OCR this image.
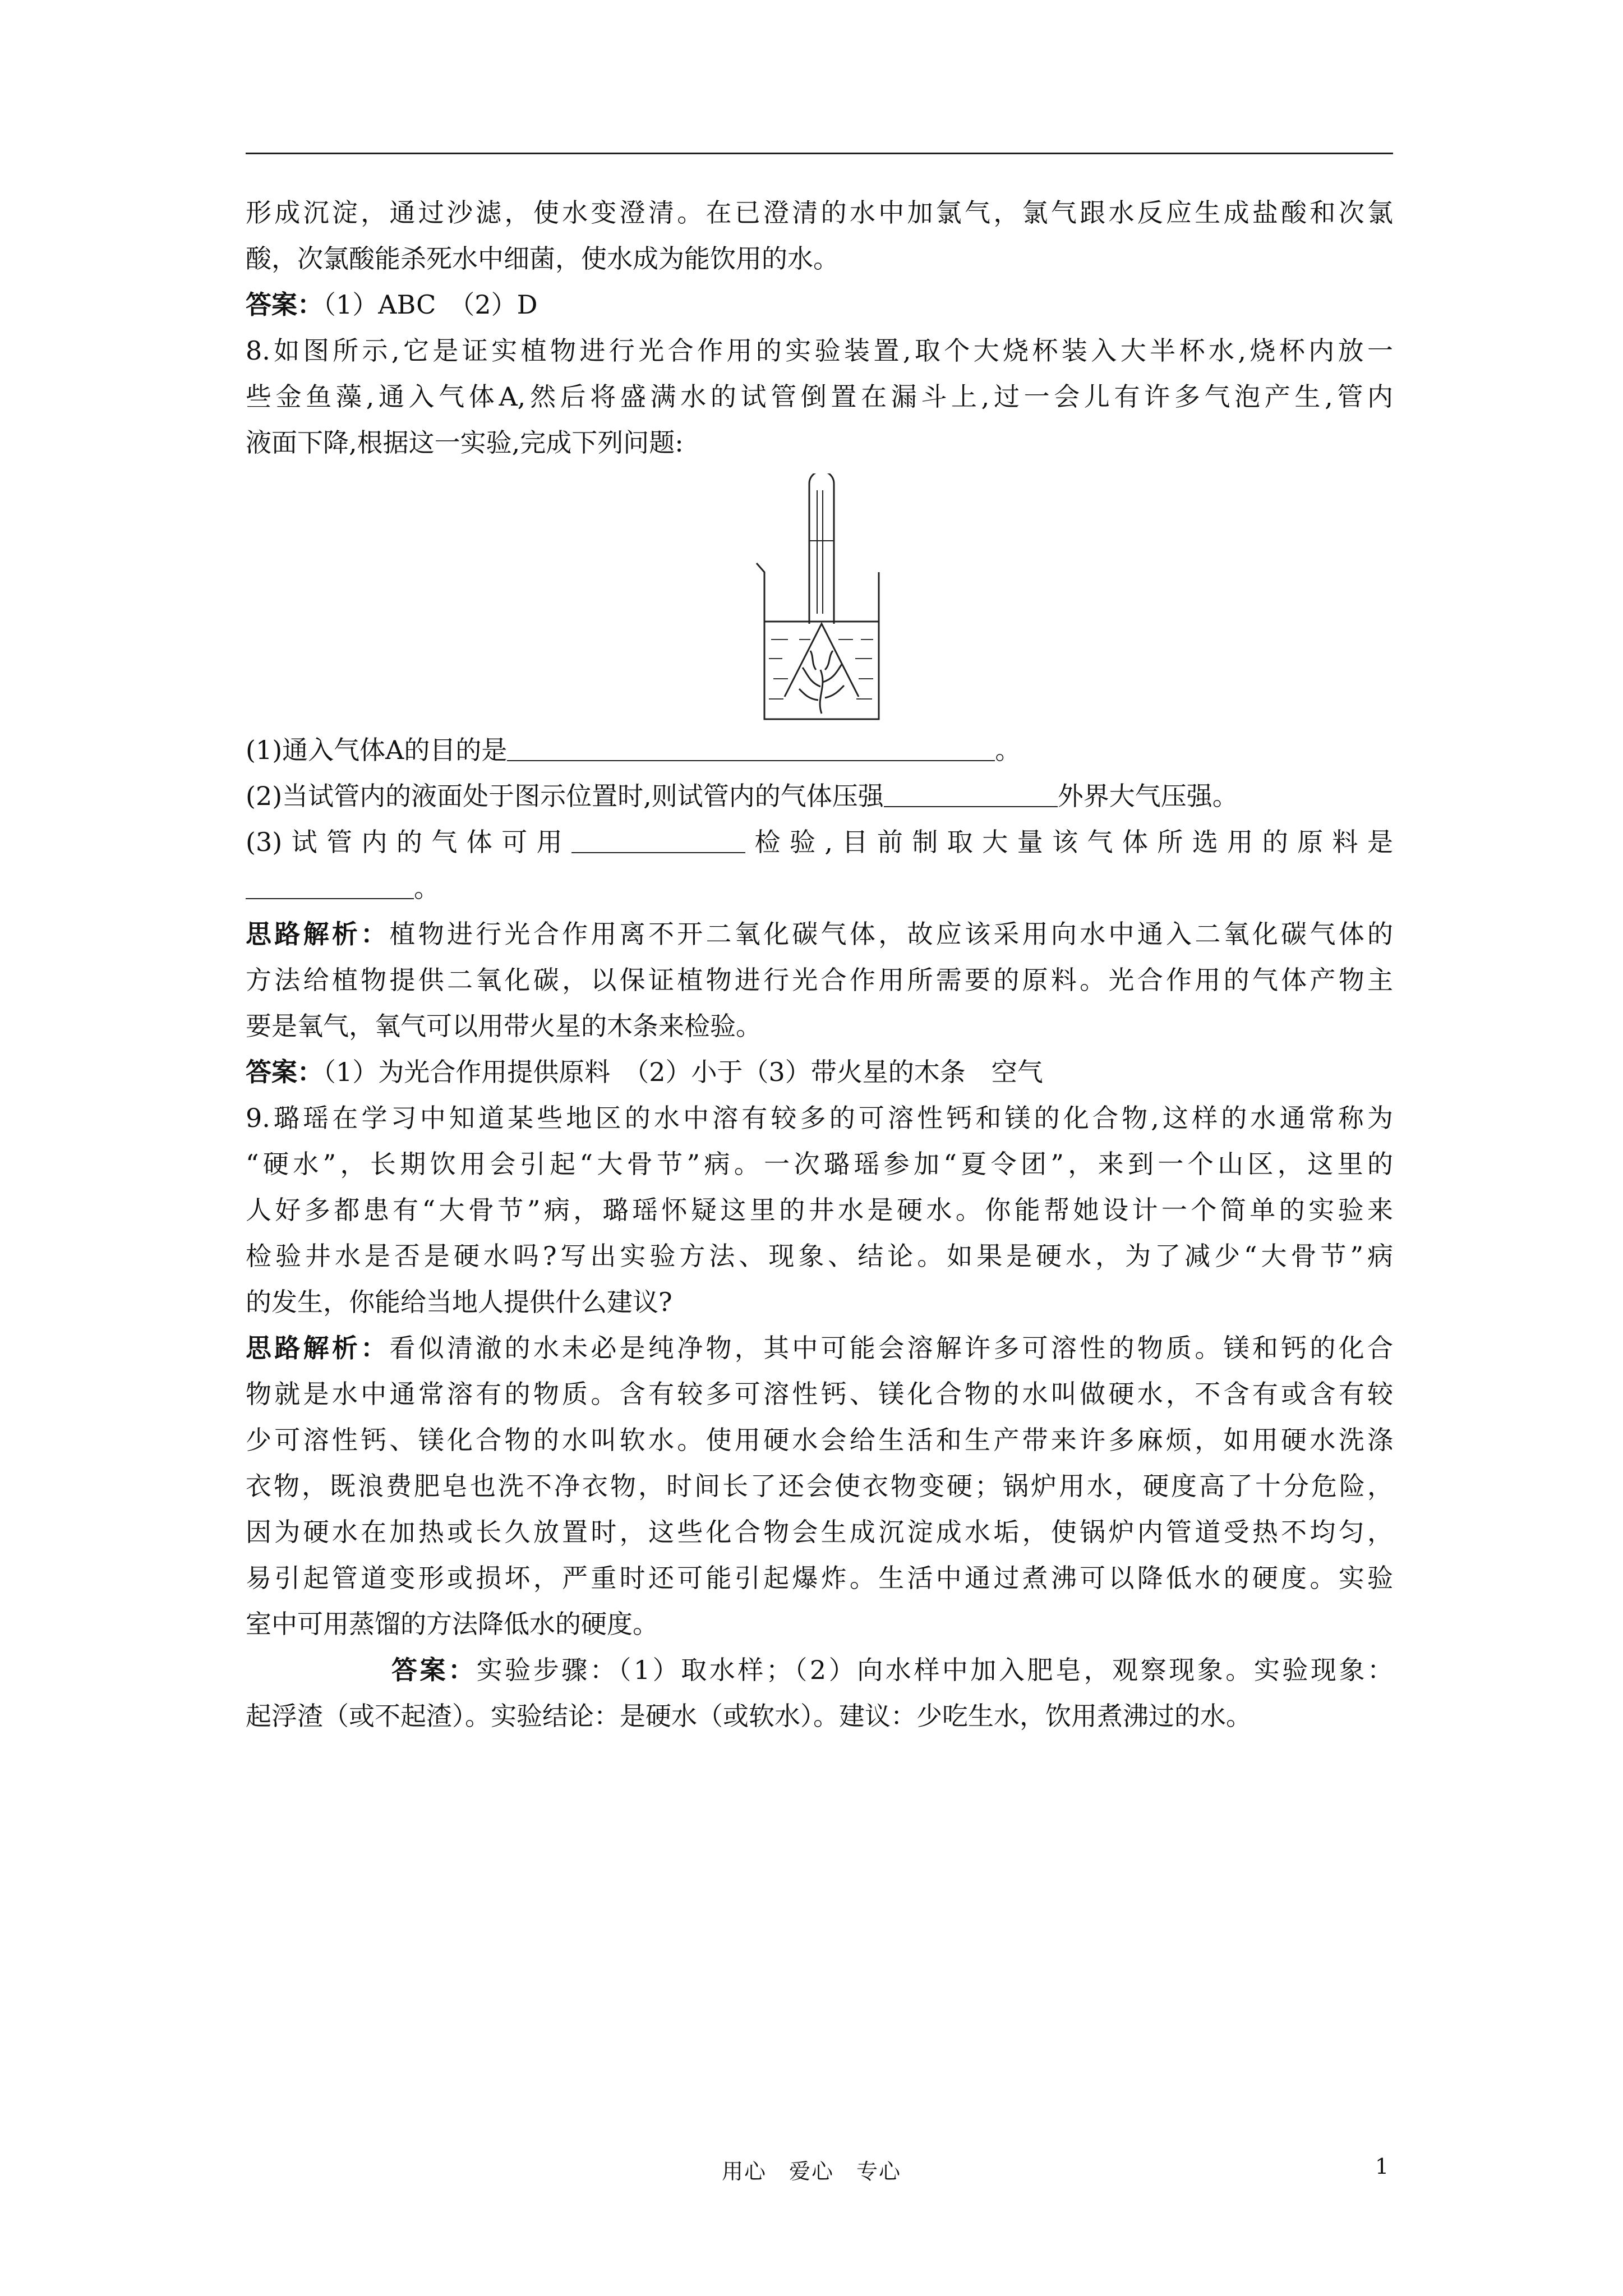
形成沉淀，通过沙滤，使水变澄清。在已澄清的水中加氯气，氯气跟水反应生成盐酸和次氯

酸，次氯酸能杀死水中细菌，使水成为能饮用的水。

答案：（1）ABC　（2）D

8.如图所示,它是证实植物进行光合作用的实验装置,取个大烧杯装入大半杯水,烧杯内放一

些金鱼藻,通入气体A,然后将盛满水的试管倒置在漏斗上,过一会儿有许多气泡产生,管内

液面下降,根据这一实验,完成下列问题:

(1)通入气体A的目的是	。

(2)当试管内的液面处于图示位置时,则试管内的气体压强	外界大气压强。

(3)试管内的气体可用	检验,目前制取大量该气体所选用的原料是

。

思路解析：植物进行光合作用离不开二氧化碳气体，故应该采用向水中通入二氧化碳气体的

方法给植物提供二氧化碳，以保证植物进行光合作用所需要的原料。光合作用的气体产物主

要是氧气，氧气可以用带火星的木条来检验。

答案：（1）为光合作用提供原料　（2）小于（3）带火星的木条　空气

9.璐瑶在学习中知道某些地区的水中溶有较多的可溶性钙和镁的化合物,这样的水通常称为

“硬水”，长期饮用会引起“大骨节”病。一次璐瑶参加“夏令团”，来到一个山区，这里的

人好多都患有“大骨节”病，璐瑶怀疑这里的井水是硬水。你能帮她设计一个简单的实验来

检验井水是否是硬水吗?写出实验方法、现象、结论。如果是硬水，为了减少“大骨节”病

的发生，你能给当地人提供什么建议?

思路解析：看似清澈的水未必是纯净物，其中可能会溶解许多可溶性的物质。镁和钙的化合

物就是水中通常溶有的物质。含有较多可溶性钙、镁化合物的水叫做硬水，不含有或含有较

少可溶性钙、镁化合物的水叫软水。使用硬水会给生活和生产带来许多麻烦，如用硬水洗涤

衣物，既浪费肥皂也洗不净衣物，时间长了还会使衣物变硬；锅炉用水，硬度高了十分危险，

因为硬水在加热或长久放置时，这些化合物会生成沉淀成水垢，使锅炉内管道受热不均匀，

易引起管道变形或损坏，严重时还可能引起爆炸。生活中通过煮沸可以降低水的硬度。实验

室中可用蒸馏的方法降低水的硬度。

答案：实验步骤：（1）取水样；（2）向水样中加入肥皂，观察现象。实验现象：

起浮渣（或不起渣）。实验结论：是硬水（或软水）。建议：少吃生水，饮用煮沸过的水。

用心　爱心　专心	1
